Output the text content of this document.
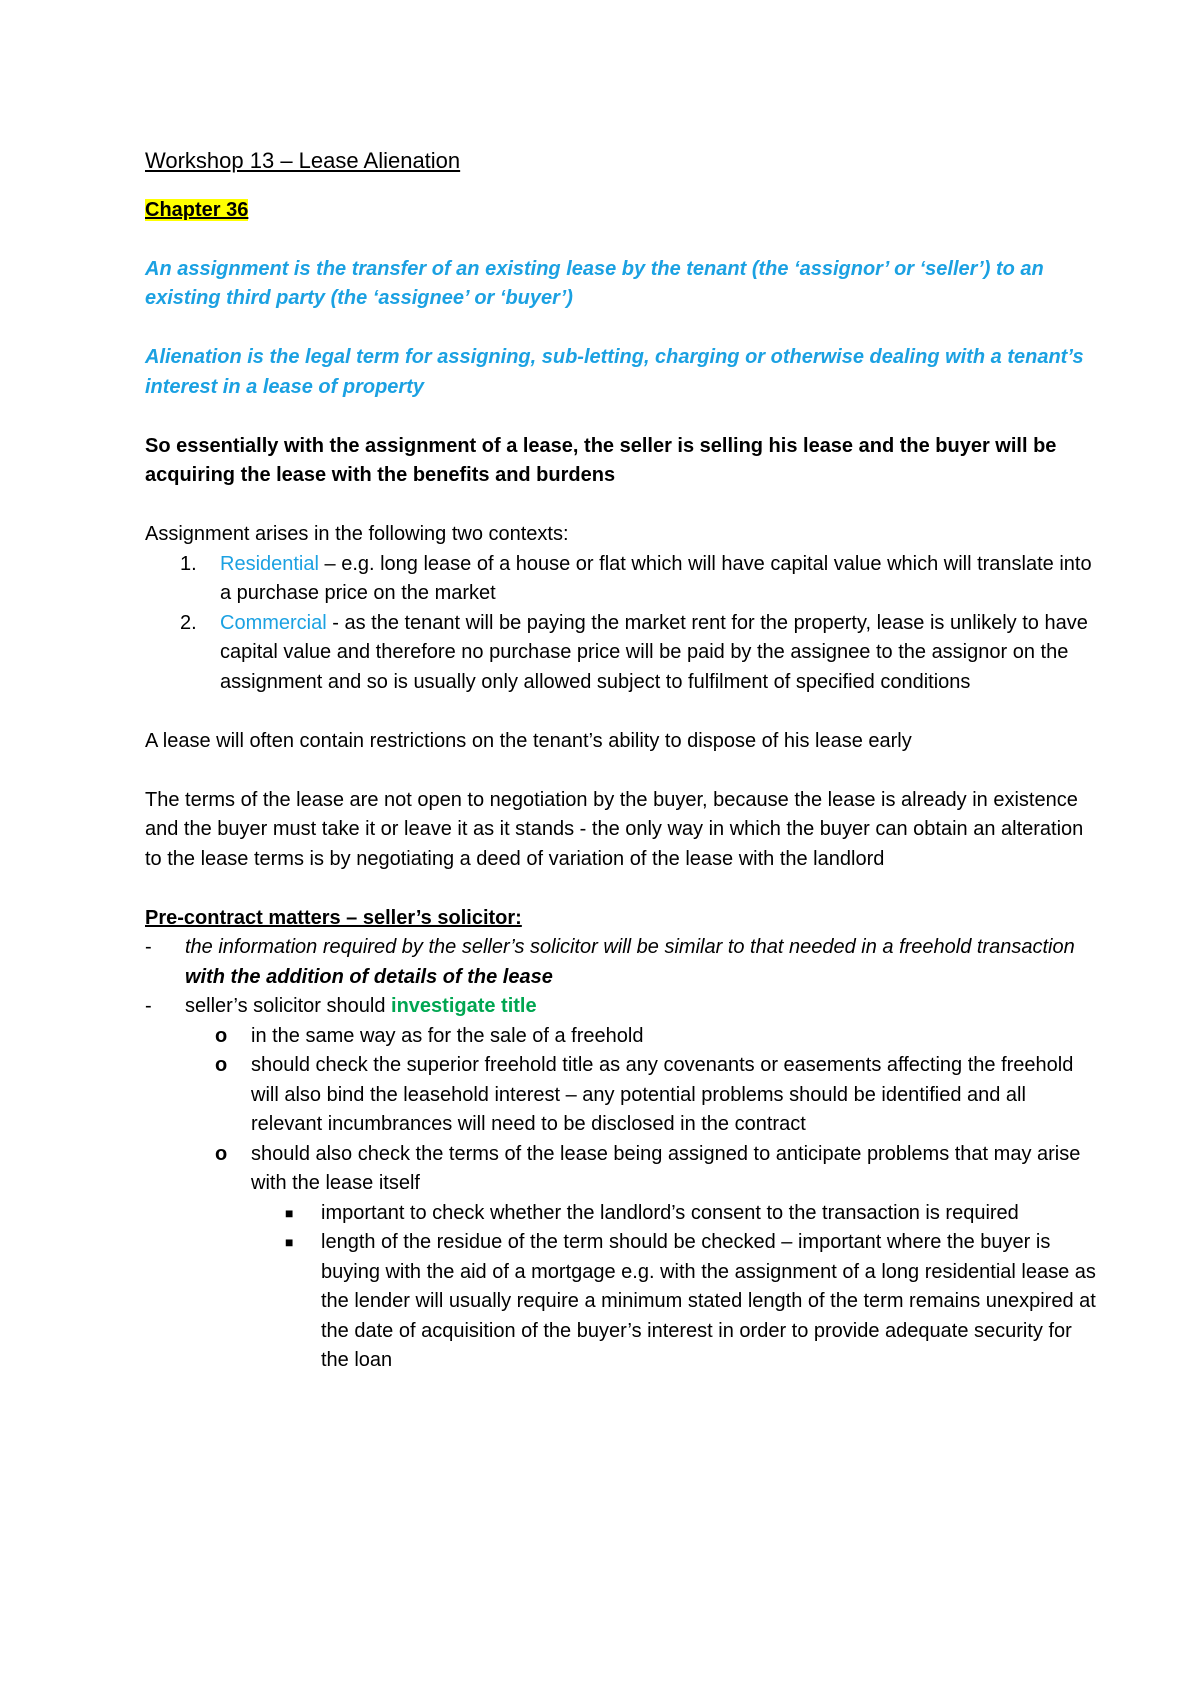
Workshop 13 – Lease Alienation

Chapter 36

An assignment is the transfer of an existing lease by the tenant (the ‘assignor’ or ‘seller’) to an existing third party (the ‘assignee’ or ‘buyer’)

Alienation is the legal term for assigning, sub-letting, charging or otherwise dealing with a tenant’s interest in a lease of property

So essentially with the assignment of a lease, the seller is selling his lease and the buyer will be acquiring the lease with the benefits and burdens

Assignment arises in the following two contexts:

1.	Residential – e.g. long lease of a house or flat which will have capital value which will translate into a purchase price on the market
2.	Commercial - as the tenant will be paying the market rent for the property, lease is unlikely to have capital value and therefore no purchase price will be paid by the assignee to the assignor on the assignment and so is usually only allowed subject to fulfilment of specified conditions

A lease will often contain restrictions on the tenant’s ability to dispose of his lease early

The terms of the lease are not open to negotiation by the buyer, because the lease is already in existence and the buyer must take it or leave it as it stands - the only way in which the buyer can obtain an alteration to the lease terms is by negotiating a deed of variation of the lease with the landlord

Pre-contract matters – seller’s solicitor:

-	the information required by the seller’s solicitor will be similar to that needed in a freehold transaction with the addition of details of the lease
-	seller’s solicitor should investigate title
o	in the same way as for the sale of a freehold
o	should check the superior freehold title as any covenants or easements affecting the freehold will also bind the leasehold interest – any potential problems should be identified and all relevant incumbrances will need to be disclosed in the contract
o	should also check the terms of the lease being assigned to anticipate problems that may arise with the lease itself
■	important to check whether the landlord’s consent to the transaction is required
■	length of the residue of the term should be checked – important where the buyer is buying with the aid of a mortgage e.g. with the assignment of a long residential lease as the lender will usually require a minimum stated length of the term remains unexpired at the date of acquisition of the buyer’s interest in order to provide adequate security for the loan
